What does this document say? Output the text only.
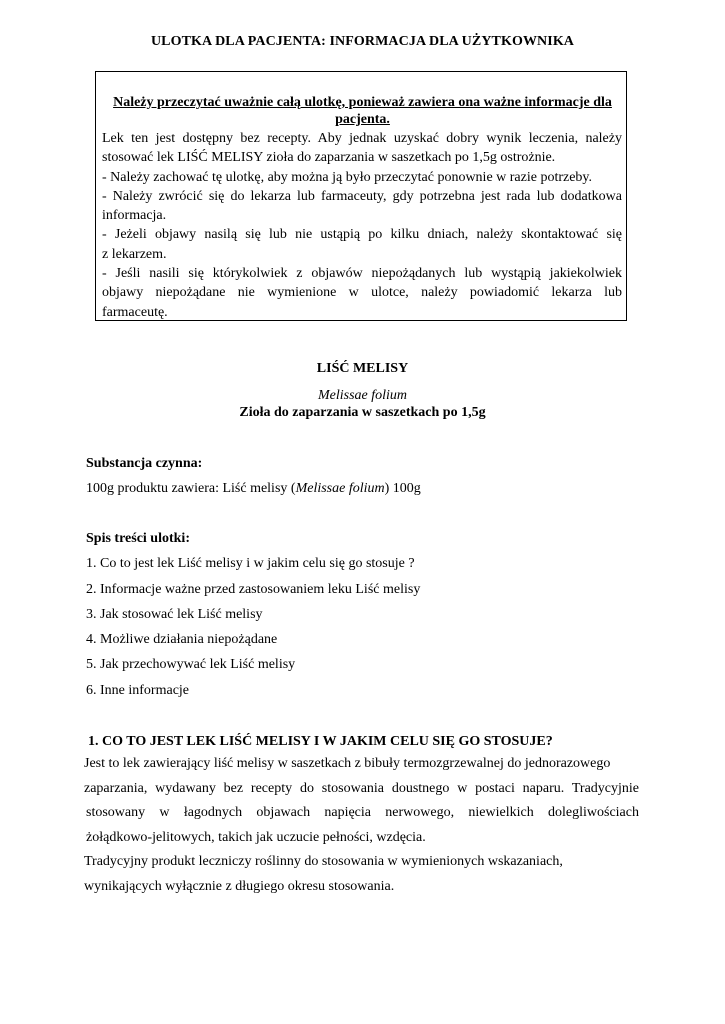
ULOTKA DLA PACJENTA: INFORMACJA DLA UŻYTKOWNIKA
Należy przeczytać uważnie całą ulotkę, ponieważ zawiera ona ważne informacje dla pacjenta.
Lek ten jest dostępny bez recepty. Aby jednak uzyskać dobry wynik leczenia, należy
stosować lek LIŚĆ MELISY zioła do zaparzania w saszetkach po 1,5g ostrożnie.
- Należy zachować tę ulotkę, aby można ją było przeczytać ponownie w razie potrzeby.
- Należy zwrócić się do lekarza lub farmaceuty, gdy potrzebna jest rada lub dodatkowa
informacja.
- Jeżeli objawy nasilą się lub nie ustąpią po kilku dniach, należy skontaktować się
z lekarzem.
- Jeśli nasili się którykolwiek z objawów niepożądanych lub wystąpią jakiekolwiek
objawy niepożądane nie wymienione w ulotce, należy powiadomić lekarza lub
farmaceutę.
LIŚĆ MELISY
Melissae folium
Zioła do zaparzania w saszetkach po 1,5g
Substancja czynna:
100g produktu zawiera: Liść melisy (Melissae folium) 100g
Spis treści ulotki:
1. Co to jest lek Liść melisy i w jakim celu się go stosuje ?
2. Informacje ważne przed zastosowaniem leku Liść melisy
3. Jak stosować lek Liść melisy
4. Możliwe działania niepożądane
5. Jak przechowywać lek Liść melisy
6. Inne informacje
1. CO TO JEST LEK LIŚĆ MELISY I W JAKIM CELU SIĘ GO STOSUJE?
Jest to lek zawierający liść melisy w saszetkach z bibuły termozgrzewalnej do jednorazowego
zaparzania, wydawany bez recepty do stosowania doustnego w postaci naparu. Tradycyjnie
stosowany w łagodnych objawach napięcia nerwowego, niewielkich dolegliwościach
żołądkowo-jelitowych, takich jak uczucie pełności, wzdęcia.
Tradycyjny produkt leczniczy roślinny do stosowania w wymienionych wskazaniach,
wynikających wyłącznie z długiego okresu stosowania.
